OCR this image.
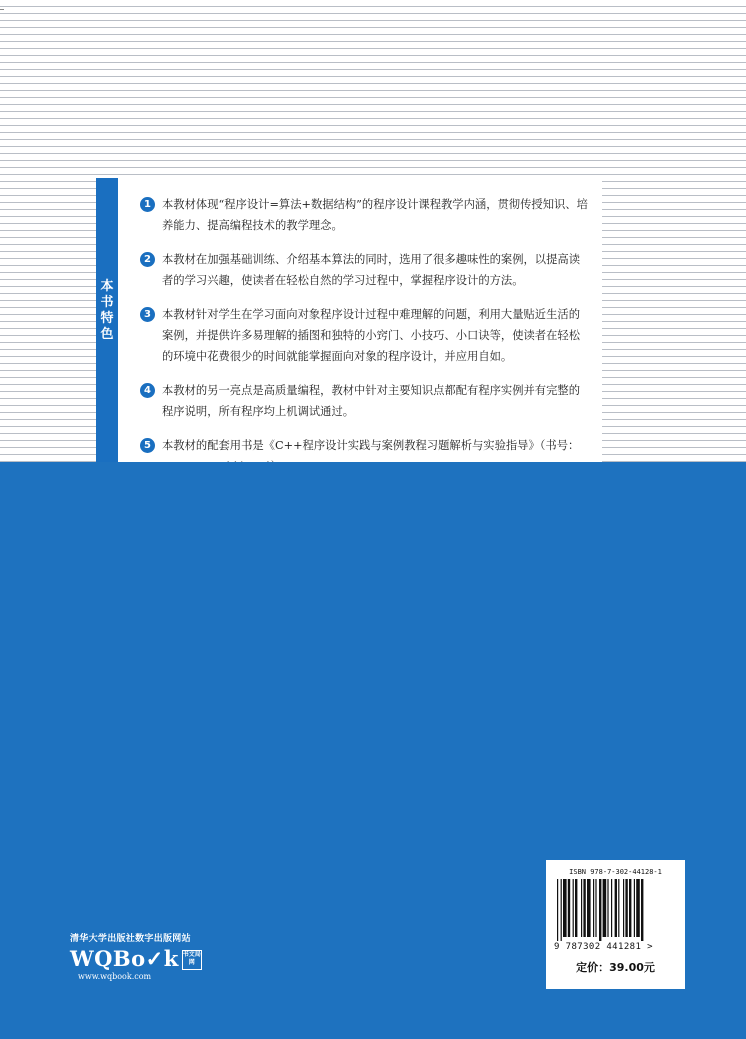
本
书
特
色
1 本教材体现“程序设计=算法+数据结构”的程序设计课程教学内涵，贯彻传授知识、培养能力、提高编程技术的教学理念。
2 本教材在加强基础训练、介绍基本算法的同时，选用了很多趣味性的案例，以提高读者的学习兴趣，使读者在轻松自然的学习过程中，掌握程序设计的方法。
3 本教材针对学生在学习面向对象程序设计过程中难理解的问题，利用大量贴近生活的案例，并提供许多易理解的插图和独特的小窍门、小技巧、小口诀等，使读者在轻松的环境中花费很少的时间就能掌握面向对象的程序设计，并应用自如。
4 本教材的另一亮点是高质量编程，教材中针对主要知识点都配有程序实例并有完整的程序说明，所有程序均上机调试通过。
5 本教材的配套用书是《C++程序设计实践与案例教程习题解析与实验指导》（书号：
清华大学出版社数字出版网站
WQBo✓k 书文局网
www.wqbook.com
ISBN 978-7-302-44128-1
9 787302 441281 >
定价：39.00元
